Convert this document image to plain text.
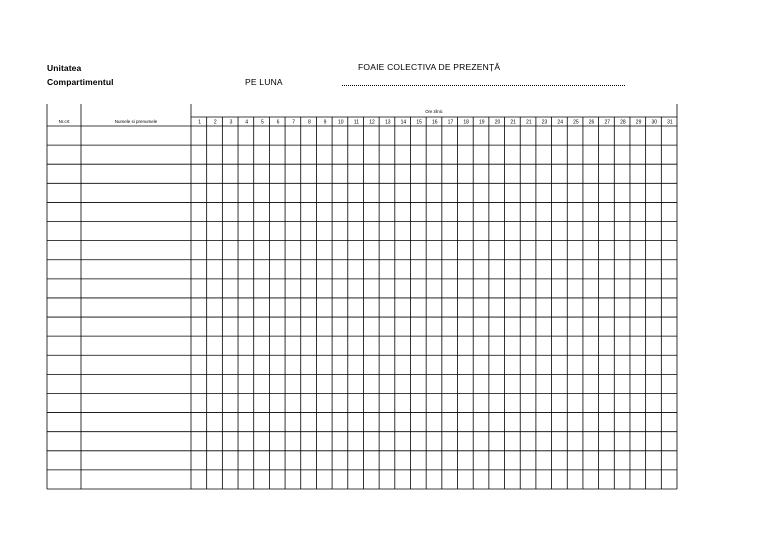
Unitatea
Compartimentul
FOAIE COLECTIVA DE PREZENȚĂ
PE LUNA
Nr.crt	Numele si prenumele
Ore zilnic
1	2	3	4	5	6	7	8	9 10 11 12 13 14 15 16 17 18 19 20 21 21 23 24 25 26 27 28 29 30 31
